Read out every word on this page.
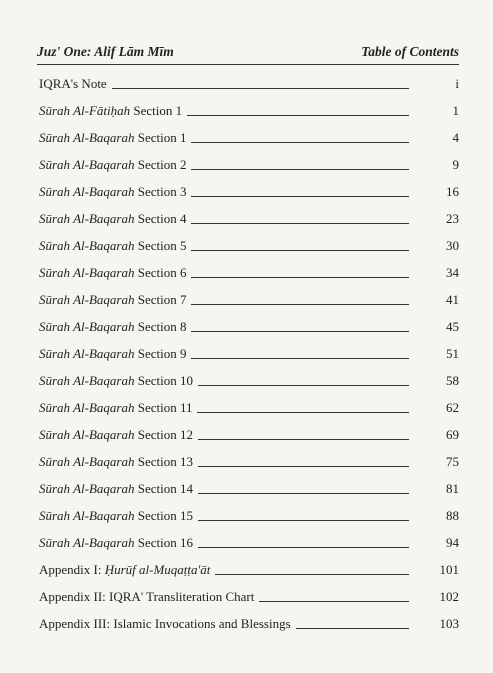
Juz' One: Alif Lām Mīm	Table of Contents
IQRA's Note	i
Sūrah Al-Fātiḥah Section 1	1
Sūrah Al-Baqarah Section 1	4
Sūrah Al-Baqarah Section 2	9
Sūrah Al-Baqarah Section 3	16
Sūrah Al-Baqarah Section 4	23
Sūrah Al-Baqarah Section 5	30
Sūrah Al-Baqarah Section 6	34
Sūrah Al-Baqarah Section 7	41
Sūrah Al-Baqarah Section 8	45
Sūrah Al-Baqarah Section 9	51
Sūrah Al-Baqarah Section 10	58
Sūrah Al-Baqarah Section 11	62
Sūrah Al-Baqarah Section 12	69
Sūrah Al-Baqarah Section 13	75
Sūrah Al-Baqarah Section 14	81
Sūrah Al-Baqarah Section 15	88
Sūrah Al-Baqarah Section 16	94
Appendix I: Ḥurūf al-Muqaṭṭa'āt	101
Appendix II: IQRA' Transliteration Chart	102
Appendix III: Islamic Invocations and Blessings	103
